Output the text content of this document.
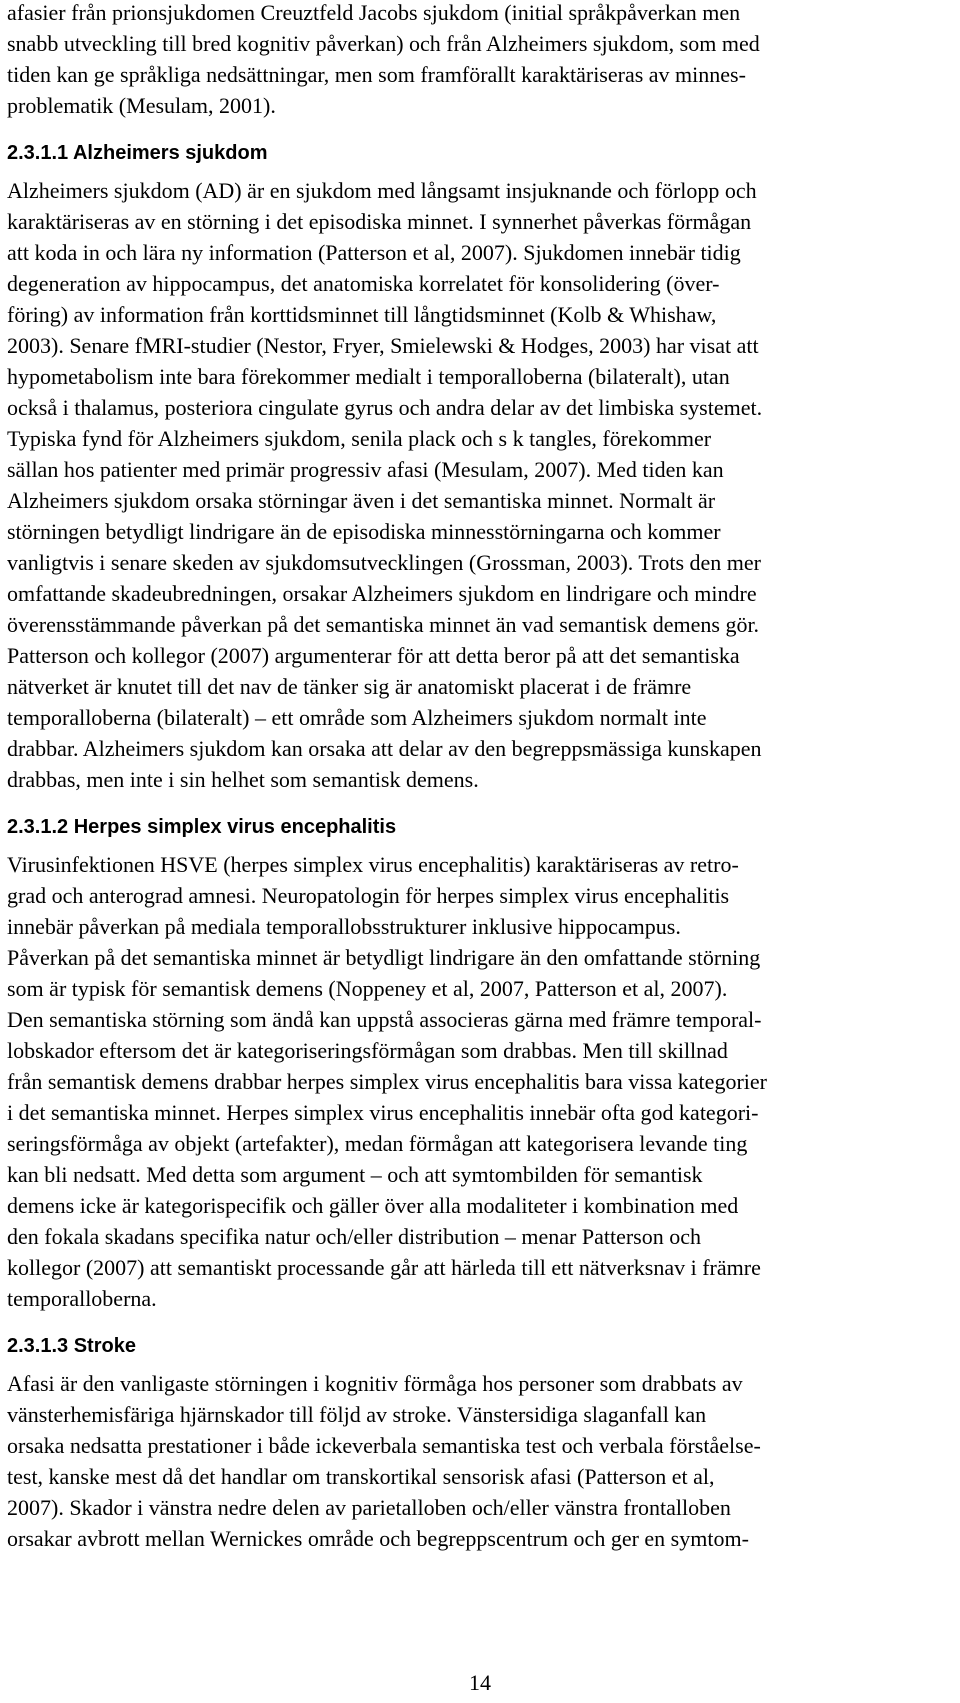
afasier från prionsjukdomen Creuztfeld Jacobs sjukdom (initial språkpåverkan men

snabb utveckling till bred kognitiv påverkan) och från Alzheimers sjukdom, som med

tiden kan ge språkliga nedsättningar, men som framförallt karaktäriseras av minnes-

problematik (Mesulam, 2001).

2.3.1.1 Alzheimers sjukdom

Alzheimers sjukdom (AD) är en sjukdom med långsamt insjuknande och förlopp och

karaktäriseras av en störning i det episodiska minnet. I synnerhet påverkas förmågan

att koda in och lära ny information (Patterson et al, 2007). Sjukdomen innebär tidig

degeneration av hippocampus, det anatomiska korrelatet för konsolidering (över-

föring) av information från korttidsminnet till långtidsminnet (Kolb & Whishaw,

2003). Senare fMRI-studier (Nestor, Fryer, Smielewski & Hodges, 2003) har visat att

hypometabolism inte bara förekommer medialt i temporalloberna (bilateralt), utan

också i thalamus, posteriora cingulate gyrus och andra delar av det limbiska systemet.

Typiska fynd för Alzheimers sjukdom, senila plack och s k tangles, förekommer

sällan hos patienter med primär progressiv afasi (Mesulam, 2007). Med tiden kan

Alzheimers sjukdom orsaka störningar även i det semantiska minnet. Normalt är

störningen betydligt lindrigare än de episodiska minnesstörningarna och kommer

vanligtvis i senare skeden av sjukdomsutvecklingen (Grossman, 2003). Trots den mer

omfattande skadeubredningen, orsakar Alzheimers sjukdom en lindrigare och mindre

överensstämmande påverkan på det semantiska minnet än vad semantisk demens gör.

Patterson och kollegor (2007) argumenterar för att detta beror på att det semantiska

nätverket är knutet till det nav de tänker sig är anatomiskt placerat i de främre

temporalloberna (bilateralt) – ett område som Alzheimers sjukdom normalt inte

drabbar. Alzheimers sjukdom kan orsaka att delar av den begreppsmässiga kunskapen

drabbas, men inte i sin helhet som semantisk demens.

2.3.1.2 Herpes simplex virus encephalitis

Virusinfektionen HSVE (herpes simplex virus encephalitis) karaktäriseras av retro-

grad och anterograd amnesi. Neuropatologin för herpes simplex virus encephalitis

innebär påverkan på mediala temporallobsstrukturer inklusive hippocampus.

Påverkan på det semantiska minnet är betydligt lindrigare än den omfattande störning

som är typisk för semantisk demens (Noppeney et al, 2007, Patterson et al, 2007).

Den semantiska störning som ändå kan uppstå associeras gärna med främre temporal-

lobskador eftersom det är kategoriseringsförmågan som drabbas. Men till skillnad

från semantisk demens drabbar herpes simplex virus encephalitis bara vissa kategorier

i det semantiska minnet. Herpes simplex virus encephalitis innebär ofta god kategori-

seringsförmåga av objekt (artefakter), medan förmågan att kategorisera levande ting

kan bli nedsatt. Med detta som argument – och att symtombilden för semantisk

demens icke är kategorispecifik och gäller över alla modaliteter i kombination med

den fokala skadans specifika natur och/eller distribution – menar Patterson och

kollegor (2007) att semantiskt processande går att härleda till ett nätverksnav i främre

temporalloberna.

2.3.1.3 Stroke

Afasi är den vanligaste störningen i kognitiv förmåga hos personer som drabbats av

vänsterhemisfäriga hjärnskador till följd av stroke. Vänstersidiga slaganfall kan

orsaka nedsatta prestationer i både ickeverbala semantiska test och verbala förståelse-

test, kanske mest då det handlar om transkortikal sensorisk afasi (Patterson et al,

2007). Skador i vänstra nedre delen av parietalloben och/eller vänstra frontalloben

orsakar avbrott mellan Wernickes område och begreppscentrum och ger en symtom-

14
